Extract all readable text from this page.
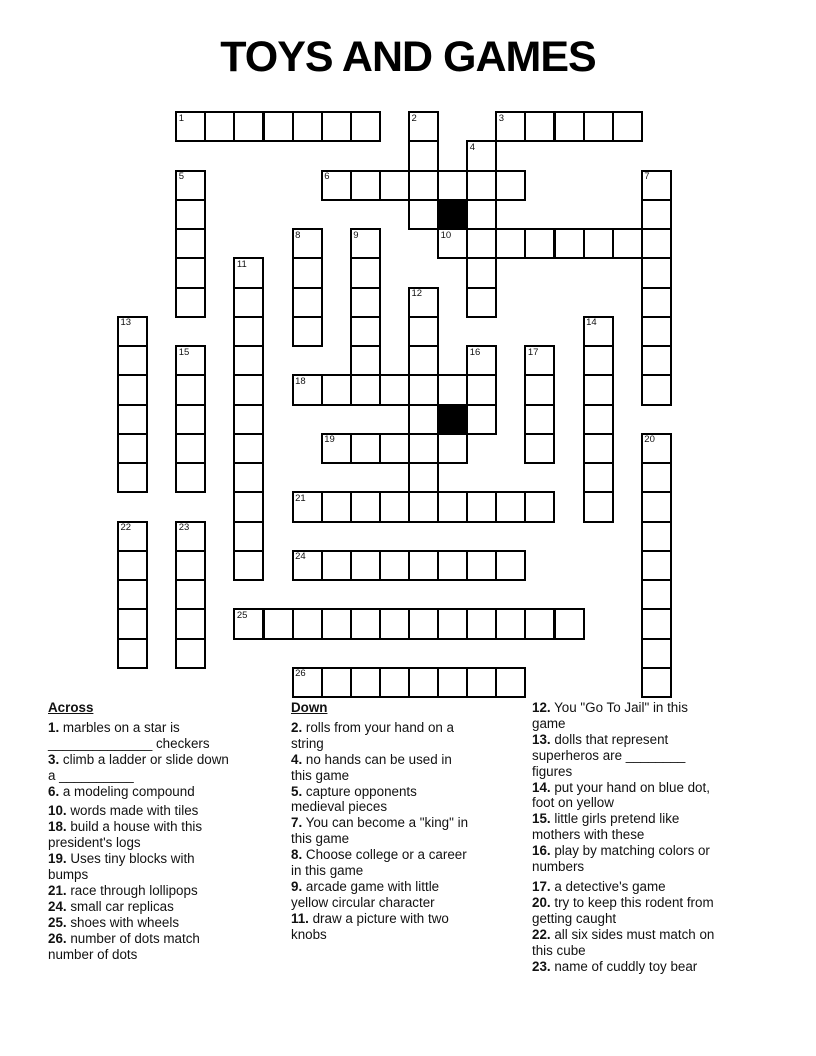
TOYS AND GAMES
1	2	3
4
5	6	7
8	9	10
11
12
13	14
15	16	17
18
19	20
21
22	23
24
25
26
Across
1. marbles on a star is ______________ checkers
3. climb a ladder or slide down a __________
6. a modeling compound
10. words made with tiles
18. build a house with this president's logs
19. Uses tiny blocks with bumps
21. race through lollipops
24. small car replicas
25. shoes with wheels
26. number of dots match number of dots
Down
2. rolls from your hand on a string
4. no hands can be used in this game
5. capture opponents medieval pieces
7. You can become a "king" in this game
8. Choose college or a career in this game
9. arcade game with little yellow circular character
11. draw a picture with two knobs
12. You "Go To Jail" in this game
13. dolls that represent superheros are ________ figures
14. put your hand on blue dot, foot on yellow
15. little girls pretend like mothers with these
16. play by matching colors or numbers
17. a detective's game
20. try to keep this rodent from getting caught
22. all six sides must match on this cube
23. name of cuddly toy bear
